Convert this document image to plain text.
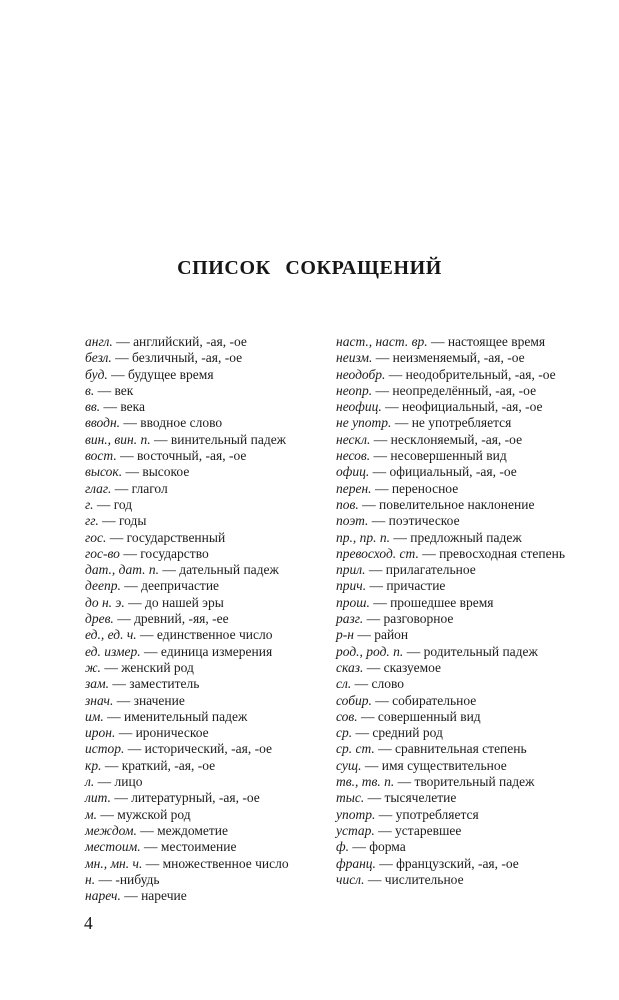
СПИСОК СОКРАЩЕНИЙ
англ. — английский, -ая, -ое
безл. — безличный, -ая, -ое
буд. — будущее время
в. — век
вв. — века
вводн. — вводное слово
вин., вин. п. — винительный падеж
вост. — восточный, -ая, -ое
высок. — высокое
глаг. — глагол
г. — год
гг. — годы
гос. — государственный
гос-во — государство
дат., дат. п. — дательный падеж
деепр. — деепричастие
до н. э. — до нашей эры
древ. — древний, -яя, -ее
ед., ед. ч. — единственное число
ед. измер. — единица измерения
ж. — женский род
зам. — заместитель
знач. — значение
им. — именительный падеж
ирон. — ироническое
истор. — исторический, -ая, -ое
кр. — краткий, -ая, -ое
л. — лицо
лит. — литературный, -ая, -ое
м. — мужской род
междом. — междометие
местоим. — местоимение
мн., мн. ч. — множественное число
н. — -нибудь
нареч. — наречие
наст., наст. вр. — настоящее время
неизм. — неизменяемый, -ая, -ое
неодобр. — неодобрительный, -ая, -ое
неопр. — неопределённый, -ая, -ое
неофиц. — неофициальный, -ая, -ое
не употр. — не употребляется
нескл. — несклоняемый, -ая, -ое
несов. — несовершенный вид
офиц. — официальный, -ая, -ое
перен. — переносное
пов. — повелительное наклонение
поэт. — поэтическое
пр., пр. п. — предложный падеж
превосход. ст. — превосходная степень
прил. — прилагательное
прич. — причастие
прош. — прошедшее время
разг. — разговорное
р-н — район
род., род. п. — родительный падеж
сказ. — сказуемое
сл. — слово
собир. — собирательное
сов. — совершенный вид
ср. — средний род
ср. ст. — сравнительная степень
сущ. — имя существительное
тв., тв. п. — творительный падеж
тыс. — тысячелетие
употр. — употребляется
устар. — устаревшее
ф. — форма
франц. — французский, -ая, -ое
числ. — числительное
4
